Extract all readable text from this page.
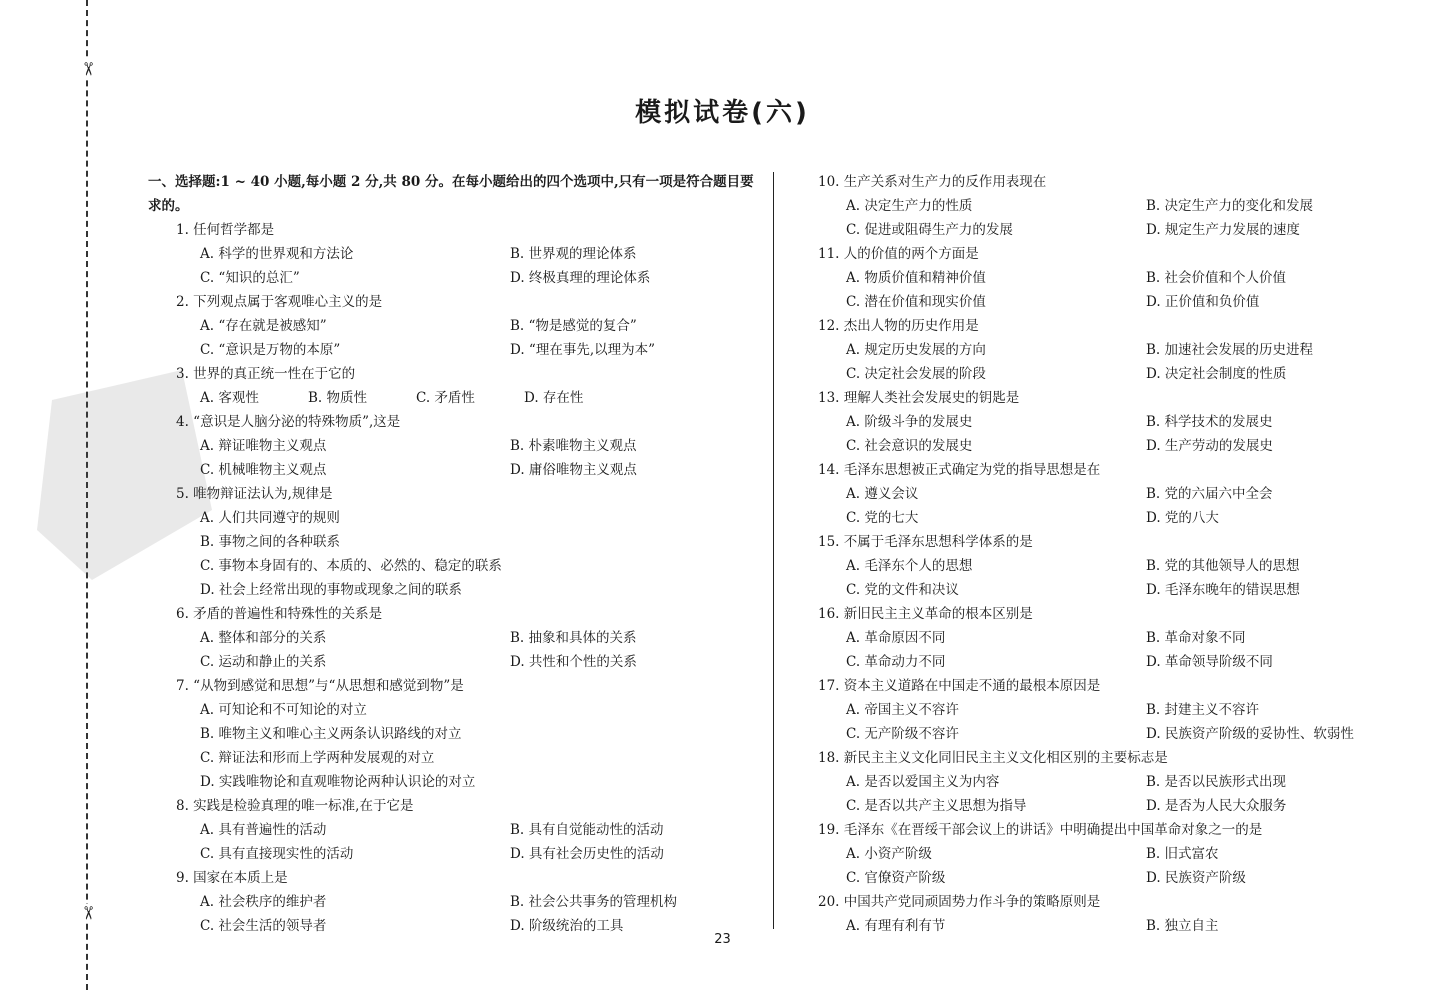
✂
✂
模拟试卷(六)
一、选择题:1 ~ 40 小题,每小题 2 分,共 80 分。在每小题给出的四个选项中,只有一项是符合题目要求的。
1. 任何哲学都是
A. 科学的世界观和方法论	B. 世界观的理论体系
C. “知识的总汇”	D. 终极真理的理论体系
2. 下列观点属于客观唯心主义的是
A. “存在就是被感知”	B. “物是感觉的复合”
C. “意识是万物的本原”	D. “理在事先,以理为本”
3. 世界的真正统一性在于它的
A. 客观性	B. 物质性	C. 矛盾性	D. 存在性
4. “意识是人脑分泌的特殊物质”,这是
A. 辩证唯物主义观点	B. 朴素唯物主义观点
C. 机械唯物主义观点	D. 庸俗唯物主义观点
5. 唯物辩证法认为,规律是
A. 人们共同遵守的规则
B. 事物之间的各种联系
C. 事物本身固有的、本质的、必然的、稳定的联系
D. 社会上经常出现的事物或现象之间的联系
6. 矛盾的普遍性和特殊性的关系是
A. 整体和部分的关系	B. 抽象和具体的关系
C. 运动和静止的关系	D. 共性和个性的关系
7. “从物到感觉和思想”与“从思想和感觉到物”是
A. 可知论和不可知论的对立
B. 唯物主义和唯心主义两条认识路线的对立
C. 辩证法和形而上学两种发展观的对立
D. 实践唯物论和直观唯物论两种认识论的对立
8. 实践是检验真理的唯一标准,在于它是
A. 具有普遍性的活动	B. 具有自觉能动性的活动
C. 具有直接现实性的活动	D. 具有社会历史性的活动
9. 国家在本质上是
A. 社会秩序的维护者	B. 社会公共事务的管理机构
C. 社会生活的领导者	D. 阶级统治的工具
10. 生产关系对生产力的反作用表现在
A. 决定生产力的性质	B. 决定生产力的变化和发展
C. 促进或阻碍生产力的发展	D. 规定生产力发展的速度
11. 人的价值的两个方面是
A. 物质价值和精神价值	B. 社会价值和个人价值
C. 潜在价值和现实价值	D. 正价值和负价值
12. 杰出人物的历史作用是
A. 规定历史发展的方向	B. 加速社会发展的历史进程
C. 决定社会发展的阶段	D. 决定社会制度的性质
13. 理解人类社会发展史的钥匙是
A. 阶级斗争的发展史	B. 科学技术的发展史
C. 社会意识的发展史	D. 生产劳动的发展史
14. 毛泽东思想被正式确定为党的指导思想是在
A. 遵义会议	B. 党的六届六中全会
C. 党的七大	D. 党的八大
15. 不属于毛泽东思想科学体系的是
A. 毛泽东个人的思想	B. 党的其他领导人的思想
C. 党的文件和决议	D. 毛泽东晚年的错误思想
16. 新旧民主主义革命的根本区别是
A. 革命原因不同	B. 革命对象不同
C. 革命动力不同	D. 革命领导阶级不同
17. 资本主义道路在中国走不通的最根本原因是
A. 帝国主义不容许	B. 封建主义不容许
C. 无产阶级不容许	D. 民族资产阶级的妥协性、软弱性
18. 新民主主义文化同旧民主主义文化相区别的主要标志是
A. 是否以爱国主义为内容	B. 是否以民族形式出现
C. 是否以共产主义思想为指导	D. 是否为人民大众服务
19. 毛泽东《在晋绥干部会议上的讲话》中明确提出中国革命对象之一的是
A. 小资产阶级	B. 旧式富农
C. 官僚资产阶级	D. 民族资产阶级
20. 中国共产党同顽固势力作斗争的策略原则是
A. 有理有利有节	B. 独立自主
23
